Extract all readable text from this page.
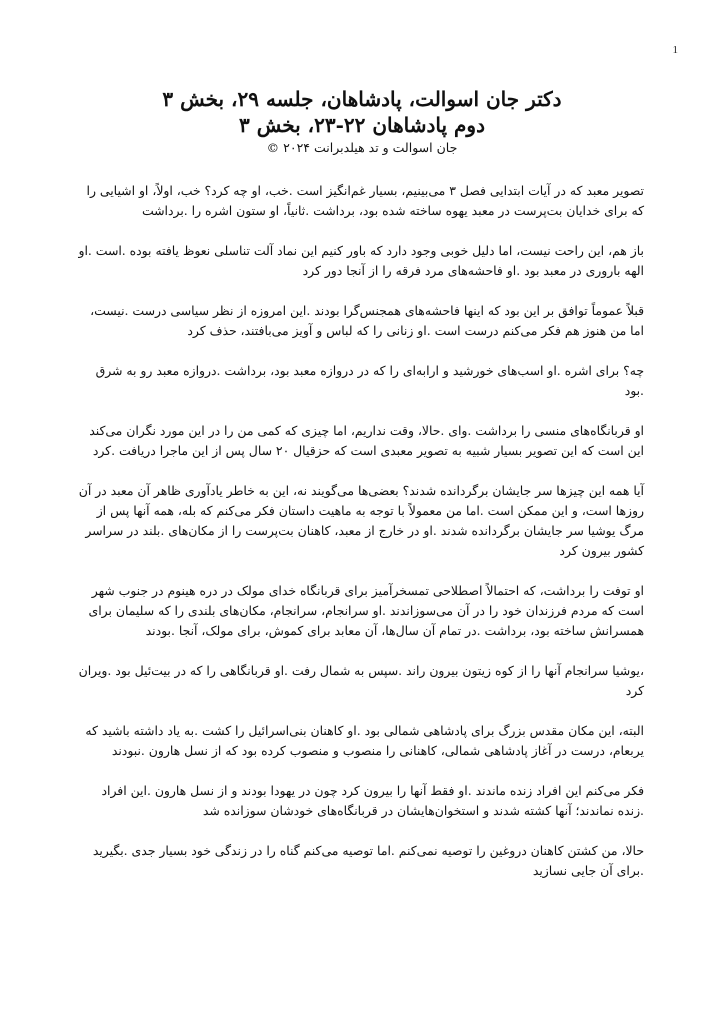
1
دکتر جان اسوالت، پادشاهان، جلسه ۲۹، بخش ۳
دوم پادشاهان ۲۲-۲۳، بخش ۳
جان اسوالت و تد هیلدبرانت ۲۰۲۴ ©

تصویر معبد که در آیات ابتدایی فصل ۳ می‌بینیم، بسیار غم‌انگیز است .خب، او چه کرد؟ خب، اولاً، او اشیایی را که برای خدایان بت‌پرست در معبد یهوه ساخته شده بود، برداشت .ثانیاً، او ستون اشره را .برداشت

باز هم، این راحت نیست، اما دلیل خوبی وجود دارد که باور کنیم این نماد آلت تناسلی نعوظ یافته بوده .است .او الهه باروری در معبد بود .او فاحشه‌های مرد فرقه را از آنجا دور کرد

قبلاً عموماً توافق بر این بود که اینها فاحشه‌های همجنس‌گرا بودند .این امروزه از نظر سیاسی درست .نیست، اما من هنوز هم فکر می‌کنم درست است .او زنانی را که لباس و آویز می‌بافتند، حذف کرد

چه؟ برای اشره .او اسب‌های خورشید و ارابه‌ای را که در دروازه معبد بود، برداشت .دروازه معبد رو به شرق .بود

او قربانگاه‌های منسی را برداشت .وای .حالا، وقت نداریم، اما چیزی که کمی من را در این مورد نگران می‌کند این است که این تصویر بسیار شبیه به تصویر معبدی است که حزقیال ۲۰ سال پس از این ماجرا دریافت .کرد

آیا همه این چیزها سر جایشان برگردانده شدند؟ بعضی‌ها می‌گویند نه، این به خاطر یادآوری ظاهر آن معبد در آن روزها است، و این ممکن است .اما من معمولاً با توجه به ماهیت داستان فکر می‌کنم که بله، همه آنها پس از مرگ یوشیا سر جایشان برگردانده شدند .او در خارج از معبد، کاهنان بت‌پرست را از مکان‌های .بلند در سراسر کشور بیرون کرد

او توفت را برداشت، که احتمالاً اصطلاحی تمسخرآمیز برای قربانگاه خدای مولک در دره هینوم در جنوب شهر است که مردم فرزندان خود را در آن می‌سوزاندند .او سرانجام، سرانجام، مکان‌های بلندی را که سلیمان برای همسرانش ساخته بود، برداشت .در تمام آن سال‌ها، آن معابد برای کموش، برای مولک، آنجا .بودند

،یوشیا سرانجام آنها را از کوه زیتون بیرون راند .سپس به شمال رفت .او قربانگاهی را که در بیت‌ئیل بود .ویران کرد

البته، این مکان مقدس بزرگ برای پادشاهی شمالی بود .او کاهنان بنی‌اسرائیل را کشت .به یاد داشته باشید که یربعام، درست در آغاز پادشاهی شمالی، کاهنانی را منصوب و منصوب کرده بود که از نسل هارون .نبودند

فکر می‌کنم این افراد زنده ماندند .او فقط آنها را بیرون کرد چون در یهودا بودند و از نسل هارون .این افراد .زنده نماندند؛ آنها کشته شدند و استخوان‌هایشان در قربانگاه‌های خودشان سوزانده شد

حالا، من کشتن کاهنان دروغین را توصیه نمی‌کنم .اما توصیه می‌کنم گناه را در زندگی خود بسیار جدی .بگیرید .برای آن جایی نسازید
